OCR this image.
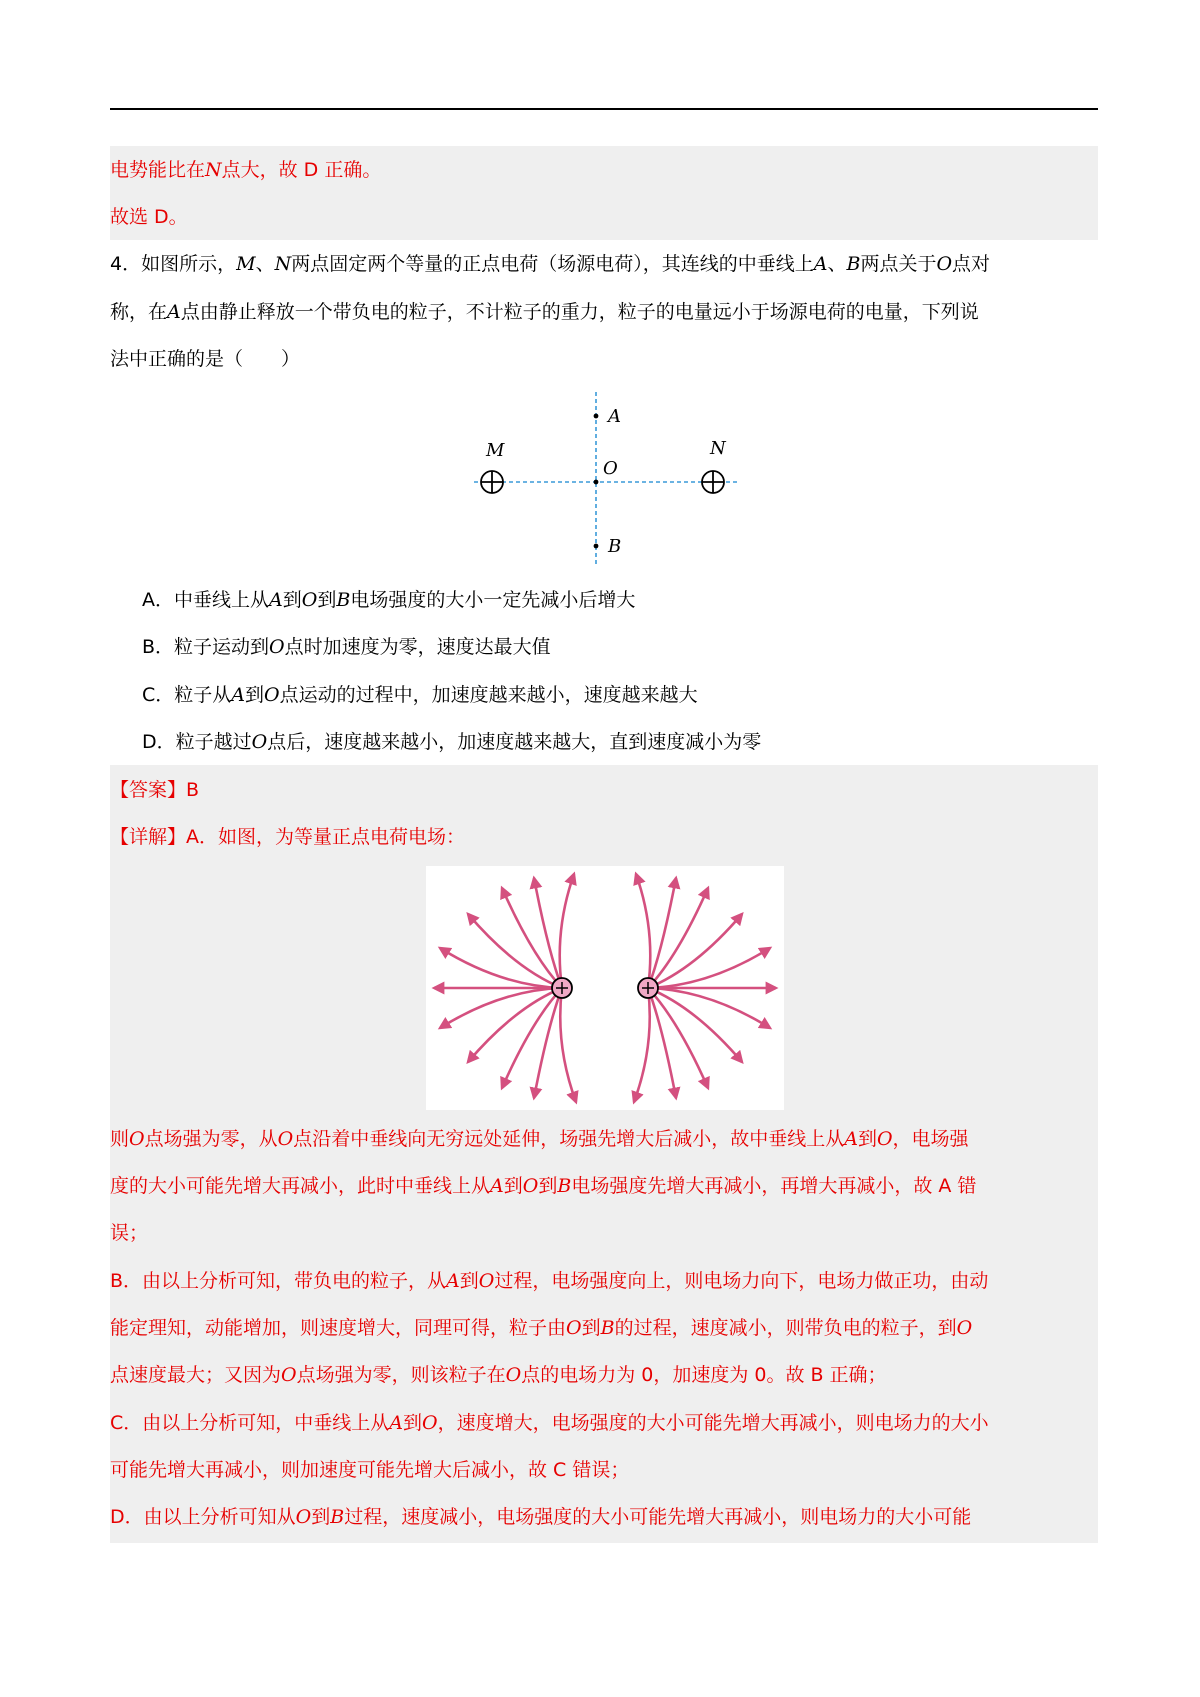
电势能比在N点大，故 D 正确。
故选 D。
4．如图所示，M、N两点固定两个等量的正点电荷（场源电荷），其连线的中垂线上A、B两点关于O点对
称，在A点由静止释放一个带负电的粒子，不计粒子的重力，粒子的电量远小于场源电荷的电量，下列说
法中正确的是（　　）
A
O
B
M	N
A．中垂线上从A到O到B电场强度的大小一定先减小后增大
B．粒子运动到O点时加速度为零，速度达最大值
C．粒子从A到O点运动的过程中，加速度越来越小，速度越来越大
D．粒子越过O点后，速度越来越小，加速度越来越大，直到速度减小为零
【答案】B
【详解】A．如图，为等量正点电荷电场：
则O点场强为零，从O点沿着中垂线向无穷远处延伸，场强先增大后减小，故中垂线上从A到O，电场强
度的大小可能先增大再减小，此时中垂线上从A到O到B电场强度先增大再减小，再增大再减小，故 A 错
误；
B．由以上分析可知，带负电的粒子，从A到O过程，电场强度向上，则电场力向下，电场力做正功，由动
能定理知，动能增加，则速度增大，同理可得，粒子由O到B的过程，速度减小，则带负电的粒子，到O
点速度最大；又因为O点场强为零，则该粒子在O点的电场力为 0，加速度为 0。故 B 正确；
C．由以上分析可知，中垂线上从A到O，速度增大，电场强度的大小可能先增大再减小，则电场力的大小
可能先增大再减小，则加速度可能先增大后减小，故 C 错误；
D．由以上分析可知从O到B过程，速度减小，电场强度的大小可能先增大再减小，则电场力的大小可能
